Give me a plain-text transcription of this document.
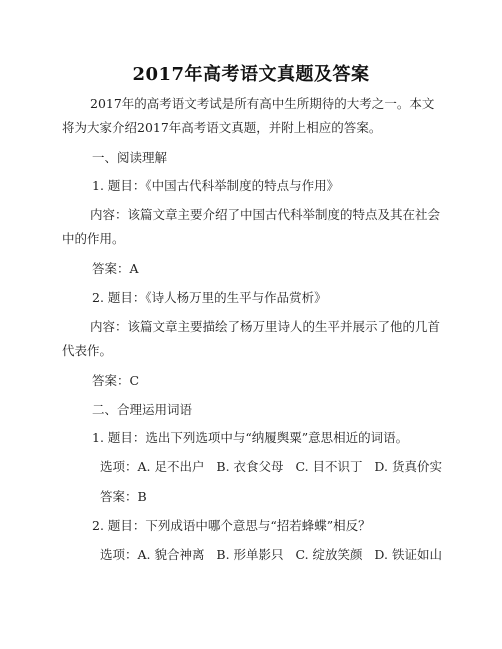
2017年高考语文真题及答案
2017年的高考语文考试是所有高中生所期待的大考之一。本文将为大家介绍2017年高考语文真题，并附上相应的答案。
一、阅读理解
1. 题目：《中国古代科举制度的特点与作用》
内容：该篇文章主要介绍了中国古代科举制度的特点及其在社会中的作用。
答案：A
2. 题目：《诗人杨万里的生平与作品赏析》
内容：该篇文章主要描绘了杨万里诗人的生平并展示了他的几首代表作。
答案：C
二、合理运用词语
1. 题目：选出下列选项中与“纳履舆粟”意思相近的词语。
选项：A. 足不出户   B. 衣食父母   C. 目不识丁   D. 货真价实
答案：B
2. 题目：下列成语中哪个意思与“招若蜂蝶”相反？
选项：A. 貌合神离   B. 形单影只   C. 绽放笑颜   D. 铁证如山
